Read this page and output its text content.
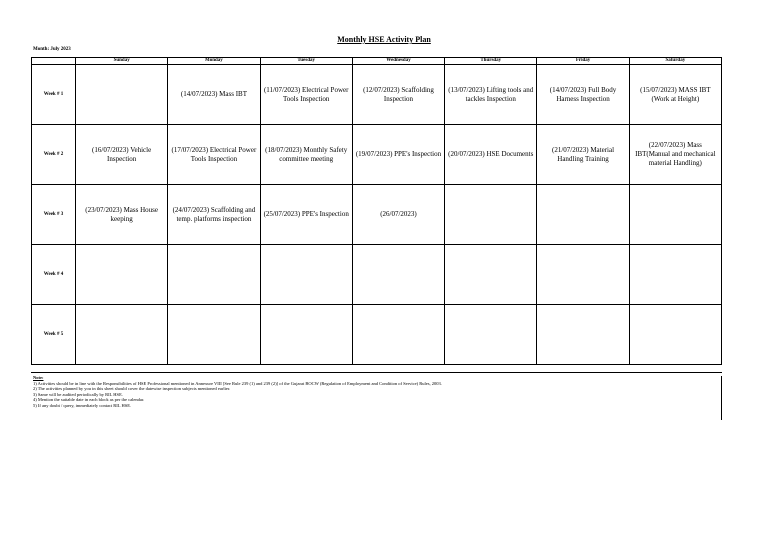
Monthly HSE Activity Plan
Month: July 2023
	Sunday	Monday	Tuesday	Wednesday	Thursday	Friday	Saturday
Week # 1		(14/07/2023) Mass IBT	(11/07/2023) Electrical Power Tools Inspection	(12/07/2023) Scaffolding Inspection	(13/07/2023) Lifting tools and tackles Inspection	(14/07/2023) Full Body Harness Inspection	(15/07/2023) MASS IBT (Work at Height)
Week # 2	(16/07/2023) Vehicle Inspection	(17/07/2023) Electrical Power Tools Inspection	(18/07/2023) Monthly Safety committee meeting	(19/07/2023) PPE's Inspection	(20/07/2023) HSE Documents	(21/07/2023) Material Handling Training	(22/07/2023) Mass IBT(Manual and mechanical material Handling)
Week # 3	(23/07/2023) Mass House keeping	(24/07/2023) Scaffolding and temp. platforms inspection	(25/07/2023) PPE's Inspection	(26/07/2023)			
Week # 4							
Week # 5							
Note:
1) Activities should be in line with the Responsibilities of HSE Professional mentioned in Annexure VIII [See Rule 239 (1) and 239 (2)] of the Gujarat BOCW (Regulation of Employment and Condition of Service) Rules, 2003.
2) The activities planned by you in this sheet should cover the datewise inspection subjects mentioned earlier.
3) Same will be audited periodically by RIL HSE.
4) Mention the suitable date in each block as per the calendar.
5) If any doubt / query, immediately contact RIL HSE.
